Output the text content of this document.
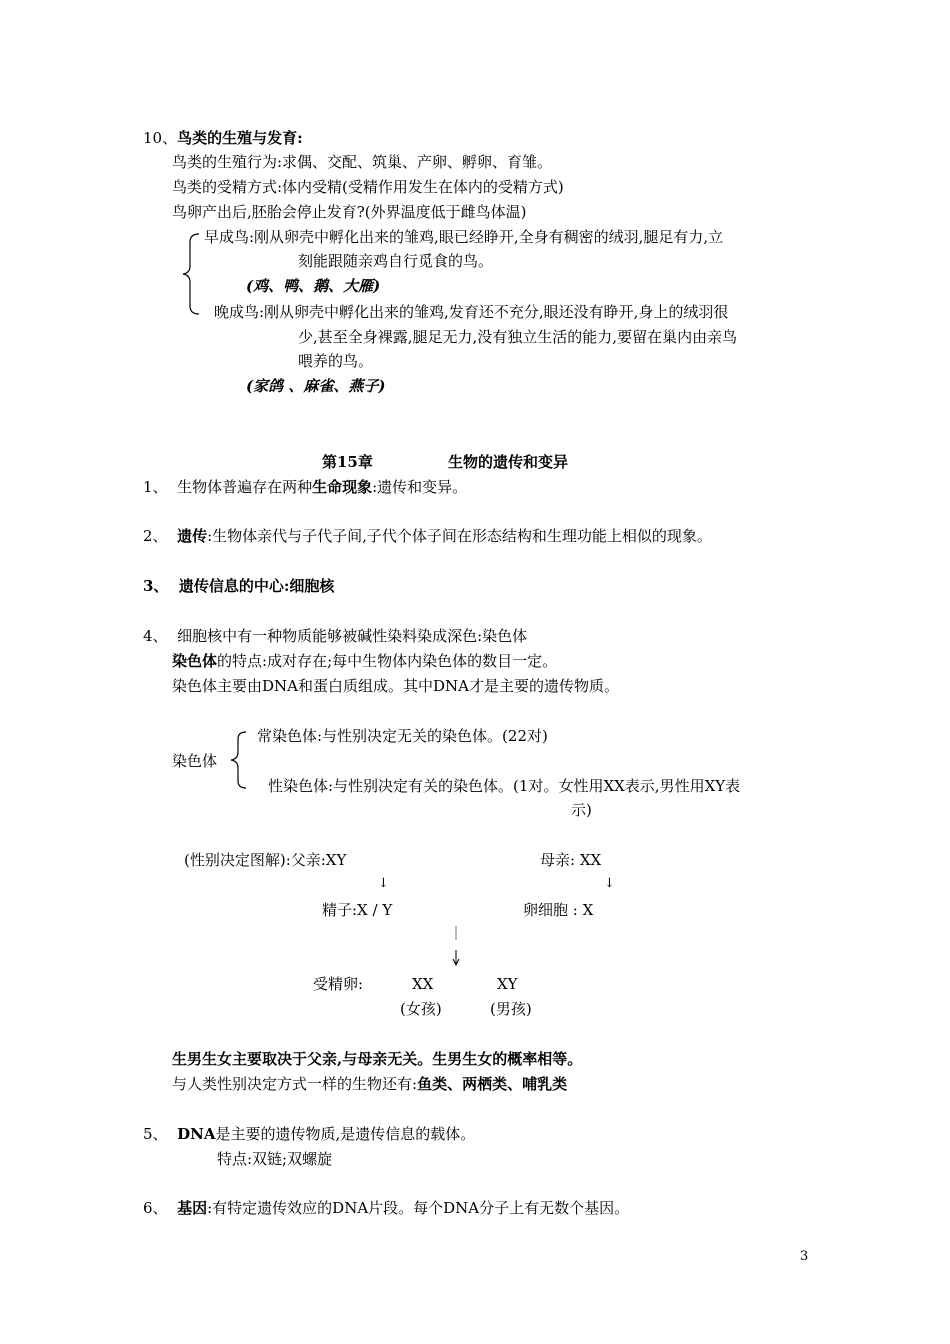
10、鸟类的生殖与发育:
鸟类的生殖行为:求偶、交配、筑巢、产卵、孵卵、育雏。
鸟类的受精方式:体内受精(受精作用发生在体内的受精方式)
鸟卵产出后,胚胎会停止发育?(外界温度低于雌鸟体温)
早成鸟:刚从卵壳中孵化出来的雏鸡,眼已经睁开,全身有稠密的绒羽,腿足有力,立
刻能跟随亲鸡自行觅食的鸟。
(鸡、鸭、鹅、大雁)
晚成鸟:刚从卵壳中孵化出来的雏鸡,发育还不充分,眼还没有睁开,身上的绒羽很
少,甚至全身裸露,腿足无力,没有独立生活的能力,要留在巢内由亲鸟
喂养的鸟。
(家鸽 、麻雀、燕子)
第15章	生物的遗传和变异
1、 生物体普遍存在两种生命现象:遗传和变异。
2、 遗传:生物体亲代与子代子间,子代个体子间在形态结构和生理功能上相似的现象。
3、 遗传信息的中心:细胞核
4、 细胞核中有一种物质能够被碱性染料染成深色:染色体
染色体的特点:成对存在;每中生物体内染色体的数目一定。
染色体主要由DNA和蛋白质组成。其中DNA才是主要的遗传物质。
染色体
常染色体:与性别决定无关的染色体。(22对)
性染色体:与性别决定有关的染色体。(1对。女性用XX表示,男性用XY表
示)
(性别决定图解):父亲:XY	母亲: XX
↓	↓
精子:X / Y	卵细胞 : X
受精卵:	XX	XY
(女孩)	(男孩)
生男生女主要取决于父亲,与母亲无关。生男生女的概率相等。
与人类性别决定方式一样的生物还有:鱼类、两栖类、哺乳类
5、 DNA是主要的遗传物质,是遗传信息的载体。
特点:双链;双螺旋
6、 基因:有特定遗传效应的DNA片段。每个DNA分子上有无数个基因。
3
